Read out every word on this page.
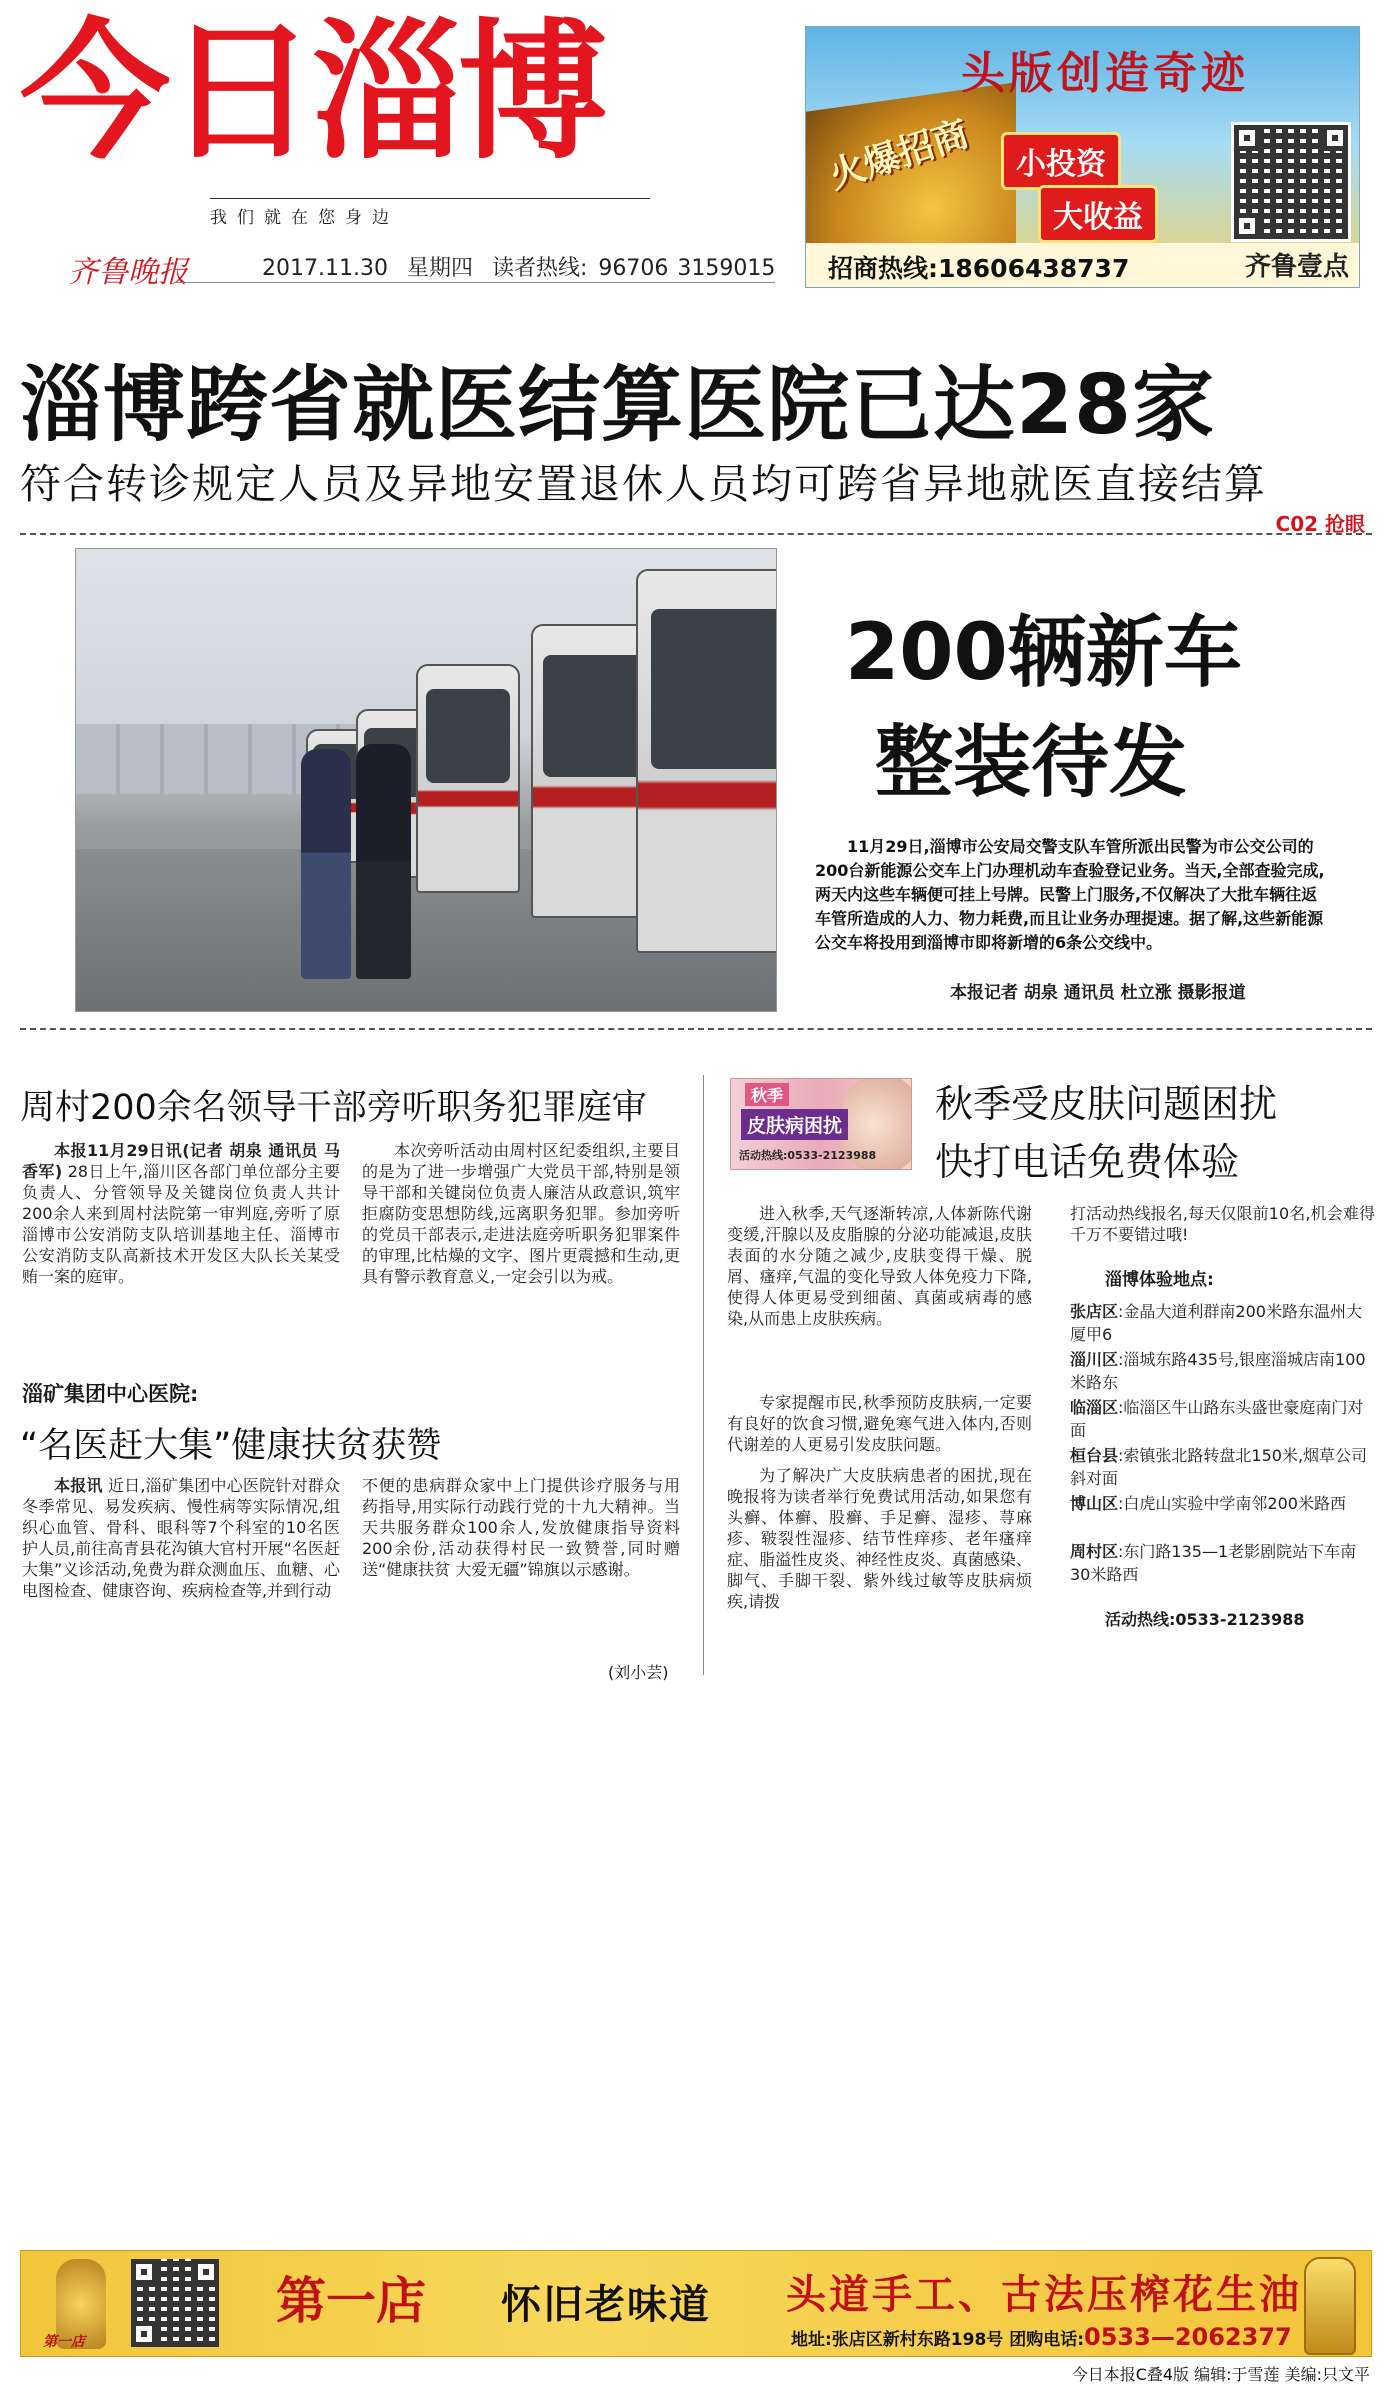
今日淄博
我们就在您身边
齐鲁晚报	2017.11.30 星期四 读者热线: 96706 3159015
火爆招商
头版创造奇迹
小投资
大收益
招商热线:18606438737	齐鲁壹点
淄博跨省就医结算医院已达28家
符合转诊规定人员及异地安置退休人员均可跨省异地就医直接结算
C02 抢眼
200辆新车
整装待发
11月29日,淄博市公安局交警支队车管所派出民警为市公交公司的200台新能源公交车上门办理机动车查验登记业务。当天,全部查验完成,两天内这些车辆便可挂上号牌。民警上门服务,不仅解决了大批车辆往返车管所造成的人力、物力耗费,而且让业务办理提速。据了解,这些新能源公交车将投用到淄博市即将新增的6条公交线中。
本报记者 胡泉 通讯员 杜立涨 摄影报道
周村200余名领导干部旁听职务犯罪庭审
本报11月29日讯(记者 胡泉 通讯员 马香军) 28日上午,淄川区各部门单位部分主要负责人、分管领导及关键岗位负责人共计200余人来到周村法院第一审判庭,旁听了原淄博市公安消防支队培训基地主任、淄博市公安消防支队高新技术开发区大队长关某受贿一案的庭审。
本次旁听活动由周村区纪委组织,主要目的是为了进一步增强广大党员干部,特别是领导干部和关键岗位负责人廉洁从政意识,筑牢拒腐防变思想防线,远离职务犯罪。参加旁听的党员干部表示,走进法庭旁听职务犯罪案件的审理,比枯燥的文字、图片更震撼和生动,更具有警示教育意义,一定会引以为戒。
淄矿集团中心医院:
“名医赶大集”健康扶贫获赞
本报讯 近日,淄矿集团中心医院针对群众冬季常见、易发疾病、慢性病等实际情况,组织心血管、骨科、眼科等7个科室的10名医护人员,前往高青县花沟镇大官村开展“名医赶大集”义诊活动,免费为群众测血压、血糖、心电图检查、健康咨询、疾病检查等,并到行动
不便的患病群众家中上门提供诊疗服务与用药指导,用实际行动践行党的十九大精神。当天共服务群众100余人,发放健康指导资料200余份,活动获得村民一致赞誉,同时赠送“健康扶贫 大爱无疆”锦旗以示感谢。
(刘小芸)
秋季
皮肤病困扰
活动热线:0533-2123988
秋季受皮肤问题困扰
快打电话免费体验
进入秋季,天气逐渐转凉,人体新陈代谢变缓,汗腺以及皮脂腺的分泌功能减退,皮肤表面的水分随之减少,皮肤变得干燥、脱屑、瘙痒,气温的变化导致人体免疫力下降,使得人体更易受到细菌、真菌或病毒的感染,从而患上皮肤疾病。
专家提醒市民,秋季预防皮肤病,一定要有良好的饮食习惯,避免寒气进入体内,否则代谢差的人更易引发皮肤问题。
为了解决广大皮肤病患者的困扰,现在晚报将为读者举行免费试用活动,如果您有头癣、体癣、股癣、手足癣、湿疹、荨麻疹、皲裂性湿疹、结节性痒疹、老年瘙痒症、脂溢性皮炎、神经性皮炎、真菌感染、脚气、手脚干裂、紫外线过敏等皮肤病烦疾,请拨
打活动热线报名,每天仅限前10名,机会难得千万不要错过哦!
淄博体验地点:
张店区:金晶大道利群南200米路东温州大厦甲6
淄川区:淄城东路435号,银座淄城店南100米路东
临淄区:临淄区牛山路东头盛世豪庭南门对面
桓台县:索镇张北路转盘北150米,烟草公司斜对面
博山区:白虎山实验中学南邻200米路西
周村区:东门路135—1老影剧院站下车南30米路西
活动热线:0533-2123988
第一店
第一店 怀旧老味道 头道手工、古法压榨花生油
地址:张店区新村东路198号 团购电话:0533—2062377
今日本报C叠4版 编辑:于雪莲 美编:只文平
